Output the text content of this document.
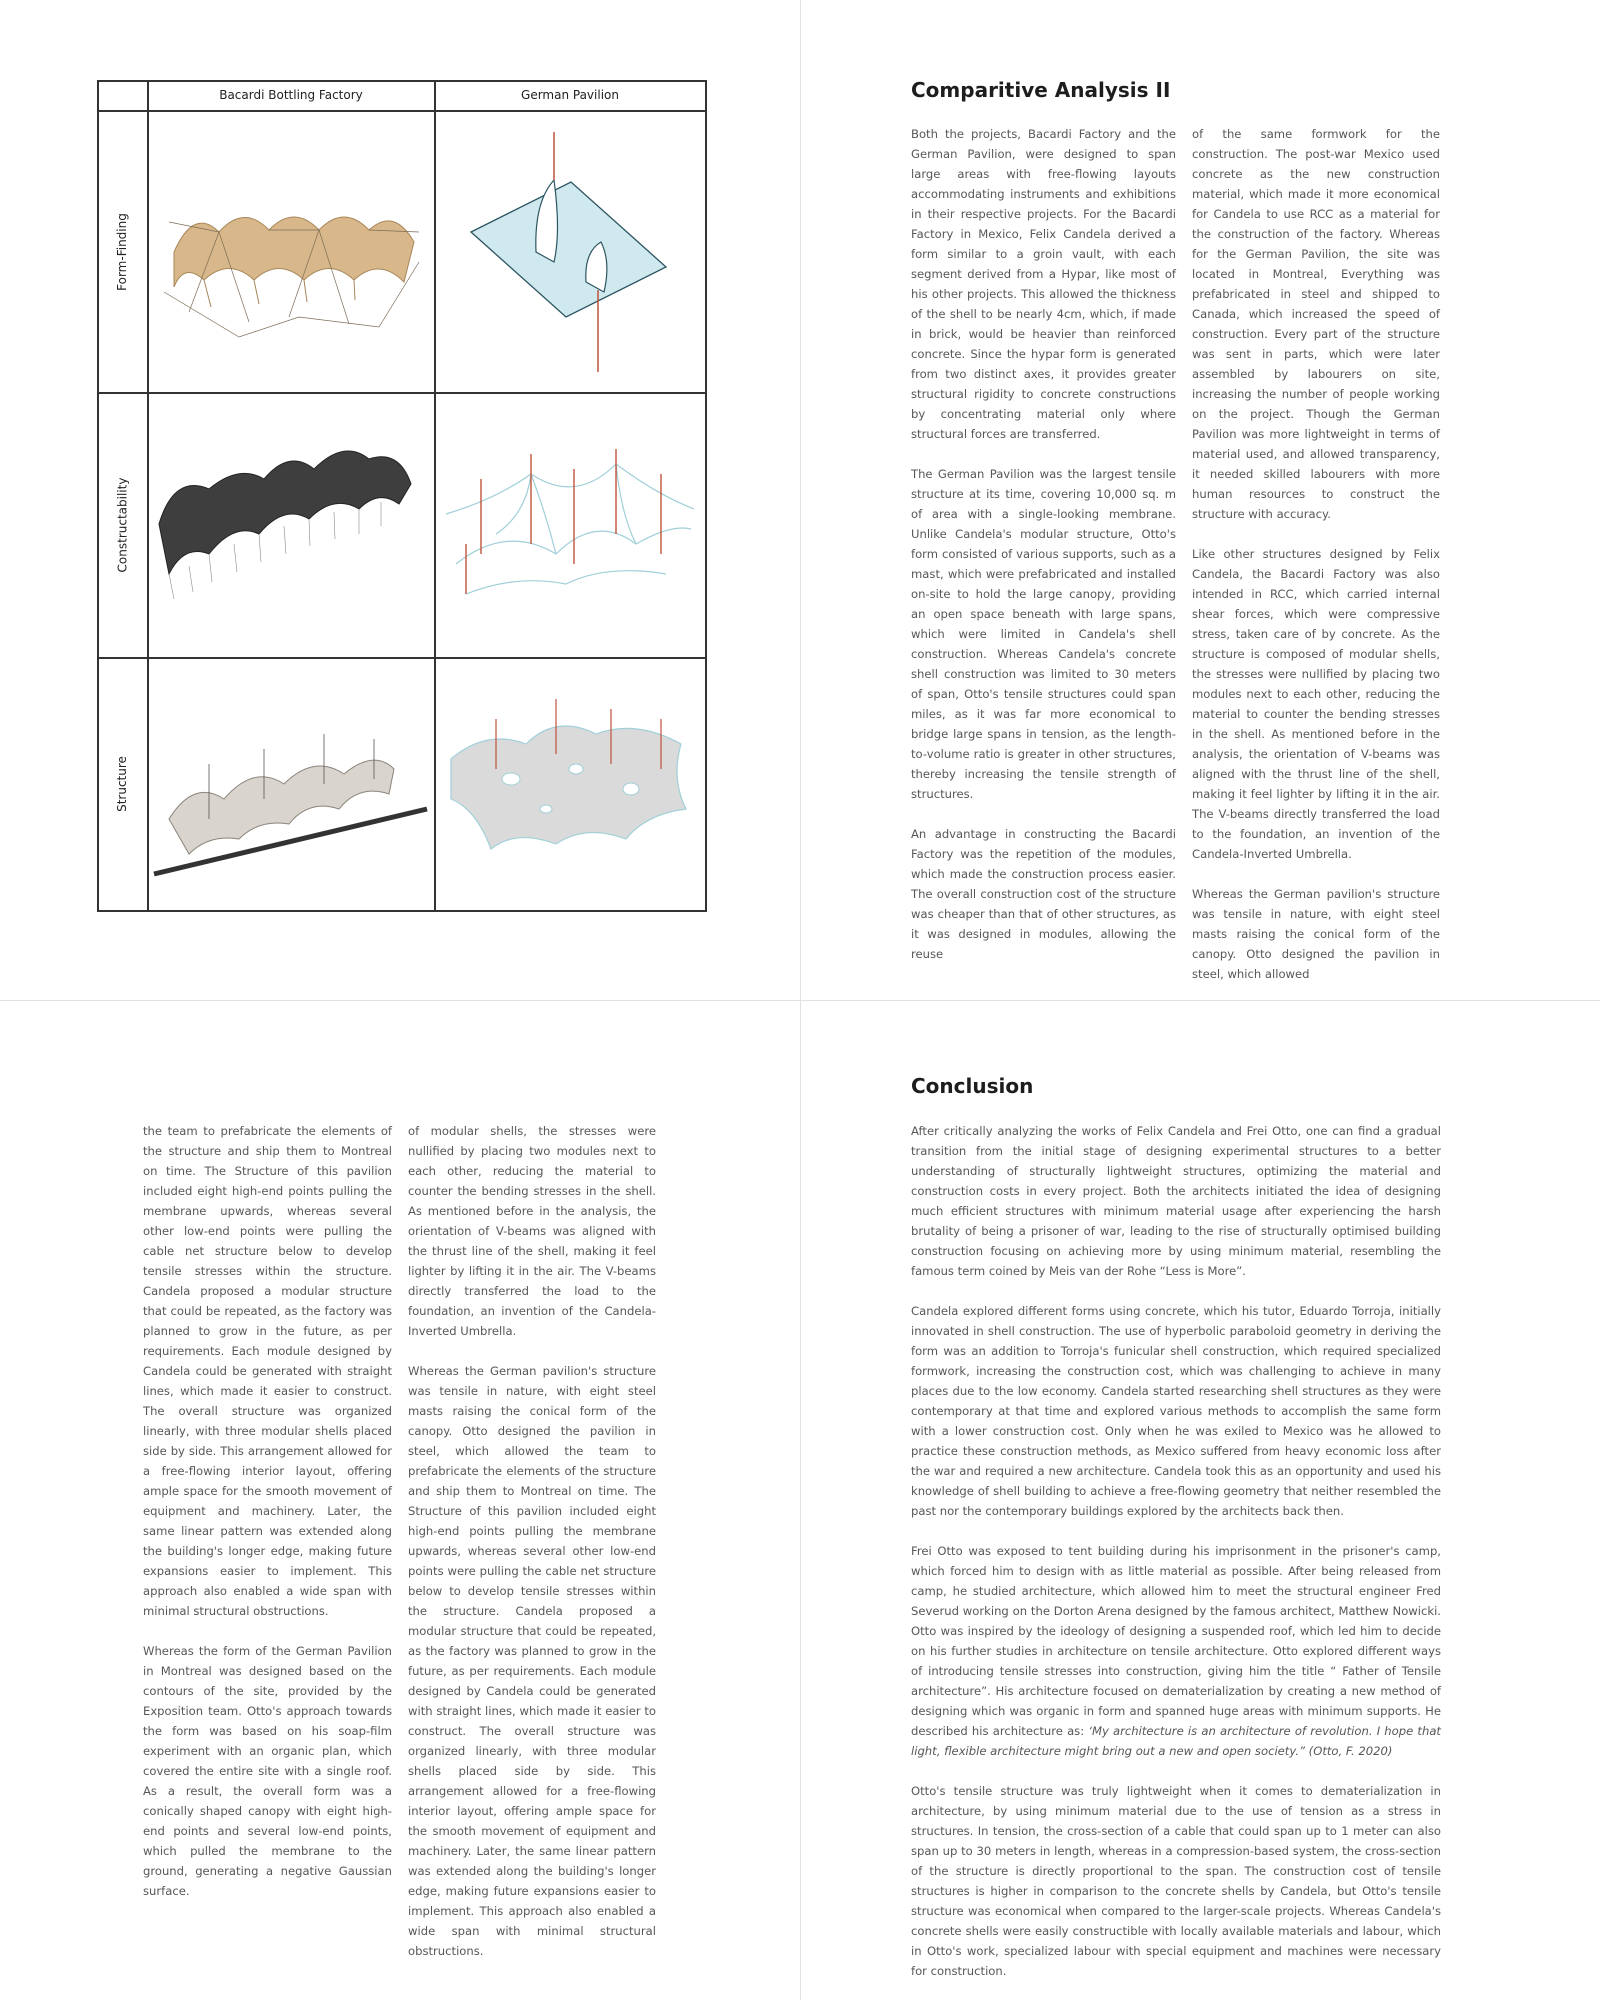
Bacardi Bottling Factory	German Pavilion
Form-Finding
Constructability
Structure
Comparitive Analysis II

Both the projects, Bacardi Factory and the German Pavilion, were designed to span large areas with free-flowing layouts accommodating instruments and exhibitions in their respective projects. For the Bacardi Factory in Mexico, Felix Candela derived a form similar to a groin vault, with each segment derived from a Hypar, like most of his other projects. This allowed the thickness of the shell to be nearly 4cm, which, if made in brick, would be heavier than reinforced concrete. Since the hypar form is generated from two distinct axes, it provides greater structural rigidity to concrete constructions by concentrating material only where structural forces are transferred.

The German Pavilion was the largest tensile structure at its time, covering 10,000 sq. m of area with a single-looking membrane. Unlike Candela's modular structure, Otto's form consisted of various supports, such as a mast, which were prefabricated and installed on-site to hold the large canopy, providing an open space beneath with large spans, which were limited in Candela's shell construction. Whereas Candela's concrete shell construction was limited to 30 meters of span, Otto's tensile structures could span miles, as it was far more economical to bridge large spans in tension, as the length-to-volume ratio is greater in other structures, thereby increasing the tensile strength of structures.

An advantage in constructing the Bacardi Factory was the repetition of the modules, which made the construction process easier. The overall construction cost of the structure was cheaper than that of other structures, as it was designed in modules, allowing the reuse

of the same formwork for the construction. The post-war Mexico used concrete as the new construction material, which made it more economical for Candela to use RCC as a material for the construction of the factory. Whereas for the German Pavilion, the site was located in Montreal, Everything was prefabricated in steel and shipped to Canada, which increased the speed of construction. Every part of the structure was sent in parts, which were later assembled by labourers on site, increasing the number of people working on the project. Though the German Pavilion was more lightweight in terms of material used, and allowed transparency, it needed skilled labourers with more human resources to construct the structure with accuracy.

Like other structures designed by Felix Candela, the Bacardi Factory was also intended in RCC, which carried internal shear forces, which were compressive stress, taken care of by concrete. As the structure is composed of modular shells, the stresses were nullified by placing two modules next to each other, reducing the material to counter the bending stresses in the shell. As mentioned before in the analysis, the orientation of V-beams was aligned with the thrust line of the shell, making it feel lighter by lifting it in the air. The V-beams directly transferred the load to the foundation, an invention of the Candela-Inverted Umbrella.

Whereas the German pavilion's structure was tensile in nature, with eight steel masts raising the conical form of the canopy. Otto designed the pavilion in steel, which allowed

the team to prefabricate the elements of the structure and ship them to Montreal on time. The Structure of this pavilion included eight high-end points pulling the membrane upwards, whereas several other low-end points were pulling the cable net structure below to develop tensile stresses within the structure. Candela proposed a modular structure that could be repeated, as the factory was planned to grow in the future, as per requirements. Each module designed by Candela could be generated with straight lines, which made it easier to construct. The overall structure was organized linearly, with three modular shells placed side by side. This arrangement allowed for a free-flowing interior layout, offering ample space for the smooth movement of equipment and machinery. Later, the same linear pattern was extended along the building's longer edge, making future expansions easier to implement. This approach also enabled a wide span with minimal structural obstructions.

Whereas the form of the German Pavilion in Montreal was designed based on the contours of the site, provided by the Exposition team. Otto's approach towards the form was based on his soap-film experiment with an organic plan, which covered the entire site with a single roof. As a result, the overall form was a conically shaped canopy with eight high-end points and several low-end points, which pulled the membrane to the ground, generating a negative Gaussian surface.

of modular shells, the stresses were nullified by placing two modules next to each other, reducing the material to counter the bending stresses in the shell. As mentioned before in the analysis, the orientation of V-beams was aligned with the thrust line of the shell, making it feel lighter by lifting it in the air. The V-beams directly transferred the load to the foundation, an invention of the Candela-Inverted Umbrella.

Whereas the German pavilion's structure was tensile in nature, with eight steel masts raising the conical form of the canopy. Otto designed the pavilion in steel, which allowed the team to prefabricate the elements of the structure and ship them to Montreal on time. The Structure of this pavilion included eight high-end points pulling the membrane upwards, whereas several other low-end points were pulling the cable net structure below to develop tensile stresses within the structure. Candela proposed a modular structure that could be repeated, as the factory was planned to grow in the future, as per requirements. Each module designed by Candela could be generated with straight lines, which made it easier to construct. The overall structure was organized linearly, with three modular shells placed side by side. This arrangement allowed for a free-flowing interior layout, offering ample space for the smooth movement of equipment and machinery. Later, the same linear pattern was extended along the building's longer edge, making future expansions easier to implement. This approach also enabled a wide span with minimal structural obstructions.

Conclusion

After critically analyzing the works of Felix Candela and Frei Otto, one can find a gradual transition from the initial stage of designing experimental structures to a better understanding of structurally lightweight structures, optimizing the material and construction costs in every project. Both the architects initiated the idea of designing much efficient structures with minimum material usage after experiencing the harsh brutality of being a prisoner of war, leading to the rise of structurally optimised building construction focusing on achieving more by using minimum material, resembling the famous term coined by Meis van der Rohe “Less is More”.

Candela explored different forms using concrete, which his tutor, Eduardo Torroja, initially innovated in shell construction. The use of hyperbolic paraboloid geometry in deriving the form was an addition to Torroja's funicular shell construction, which required specialized formwork, increasing the construction cost, which was challenging to achieve in many places due to the low economy. Candela started researching shell structures as they were contemporary at that time and explored various methods to accomplish the same form with a lower construction cost. Only when he was exiled to Mexico was he allowed to practice these construction methods, as Mexico suffered from heavy economic loss after the war and required a new architecture. Candela took this as an opportunity and used his knowledge of shell building to achieve a free-flowing geometry that neither resembled the past nor the contemporary buildings explored by the architects back then.

Frei Otto was exposed to tent building during his imprisonment in the prisoner's camp, which forced him to design with as little material as possible. After being released from camp, he studied architecture, which allowed him to meet the structural engineer Fred Severud working on the Dorton Arena designed by the famous architect, Matthew Nowicki. Otto was inspired by the ideology of designing a suspended roof, which led him to decide on his further studies in architecture on tensile architecture. Otto explored different ways of introducing tensile stresses into construction, giving him the title “ Father of Tensile architecture”. His architecture focused on dematerialization by creating a new method of designing which was organic in form and spanned huge areas with minimum supports. He described his architecture as: ‘My architecture is an architecture of revolution. I hope that light, flexible architecture might bring out a new and open society.” (Otto, F. 2020)

Otto's tensile structure was truly lightweight when it comes to dematerialization in architecture, by using minimum material due to the use of tension as a stress in structures. In tension, the cross-section of a cable that could span up to 1 meter can also span up to 30 meters in length, whereas in a compression-based system, the cross-section of the structure is directly proportional to the span. The construction cost of tensile structures is higher in comparison to the concrete shells by Candela, but Otto's tensile structure was economical when compared to the larger-scale projects. Whereas Candela's concrete shells were easily constructible with locally available materials and labour, which in Otto's work, specialized labour with special equipment and machines were necessary for construction.
